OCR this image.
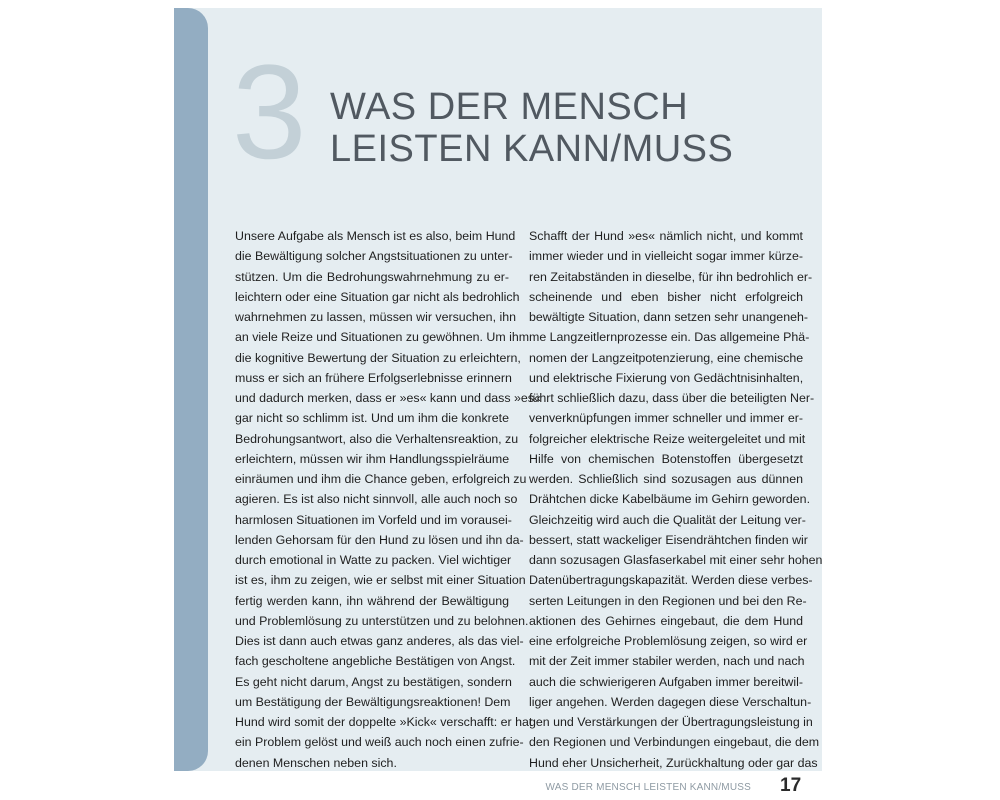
3 WAS DER MENSCH
LEISTEN KANN/MUSS
Unsere Aufgabe als Mensch ist es also, beim Hund
die Bewältigung solcher Angstsituationen zu unter-
stützen. Um die Bedrohungswahrnehmung zu er-
leichtern oder eine Situation gar nicht als bedrohlich
wahrnehmen zu lassen, müssen wir versuchen, ihn
an viele Reize und Situationen zu gewöhnen. Um ihm
die kognitive Bewertung der Situation zu erleichtern,
muss er sich an frühere Erfolgserlebnisse erinnern
und dadurch merken, dass er »es« kann und dass »es«
gar nicht so schlimm ist. Und um ihm die konkrete
Bedrohungsantwort, also die Verhaltensreaktion, zu
erleichtern, müssen wir ihm Handlungsspielräume
einräumen und ihm die Chance geben, erfolgreich zu
agieren. Es ist also nicht sinnvoll, alle auch noch so
harmlosen Situationen im Vorfeld und im vorausei-
lenden Gehorsam für den Hund zu lösen und ihn da-
durch emotional in Watte zu packen. Viel wichtiger
ist es, ihm zu zeigen, wie er selbst mit einer Situation
fertig werden kann, ihn während der Bewältigung
und Problemlösung zu unterstützen und zu belohnen.
Dies ist dann auch etwas ganz anderes, als das viel-
fach gescholtene angebliche Bestätigen von Angst.
Es geht nicht darum, Angst zu bestätigen, sondern
um Bestätigung der Bewältigungsreaktionen! Dem
Hund wird somit der doppelte »Kick« verschafft: er hat
ein Problem gelöst und weiß auch noch einen zufrie-
denen Menschen neben sich.
Schafft der Hund »es« nämlich nicht, und kommt
immer wieder und in vielleicht sogar immer kürze-
ren Zeitabständen in dieselbe, für ihn bedrohlich er-
scheinende und eben bisher nicht erfolgreich
bewältigte Situation, dann setzen sehr unangeneh-
me Langzeitlernprozesse ein. Das allgemeine Phä-
nomen der Langzeitpotenzierung, eine chemische
und elektrische Fixierung von Gedächtnisinhalten,
führt schließlich dazu, dass über die beteiligten Ner-
venverknüpfungen immer schneller und immer er-
folgreicher elektrische Reize weitergeleitet und mit
Hilfe von chemischen Botenstoffen übergesetzt
werden. Schließlich sind sozusagen aus dünnen
Drähtchen dicke Kabelbäume im Gehirn geworden.
Gleichzeitig wird auch die Qualität der Leitung ver-
bessert, statt wackeliger Eisendrähtchen finden wir
dann sozusagen Glasfaserkabel mit einer sehr hohen
Datenübertragungskapazität. Werden diese verbes-
serten Leitungen in den Regionen und bei den Re-
aktionen des Gehirnes eingebaut, die dem Hund
eine erfolgreiche Problemlösung zeigen, so wird er
mit der Zeit immer stabiler werden, nach und nach
auch die schwierigeren Aufgaben immer bereitwil-
liger angehen. Werden dagegen diese Verschaltun-
gen und Verstärkungen der Übertragungsleistung in
den Regionen und Verbindungen eingebaut, die dem
Hund eher Unsicherheit, Zurückhaltung oder gar das
WAS DER MENSCH LEISTEN KANN/MUSS 17
